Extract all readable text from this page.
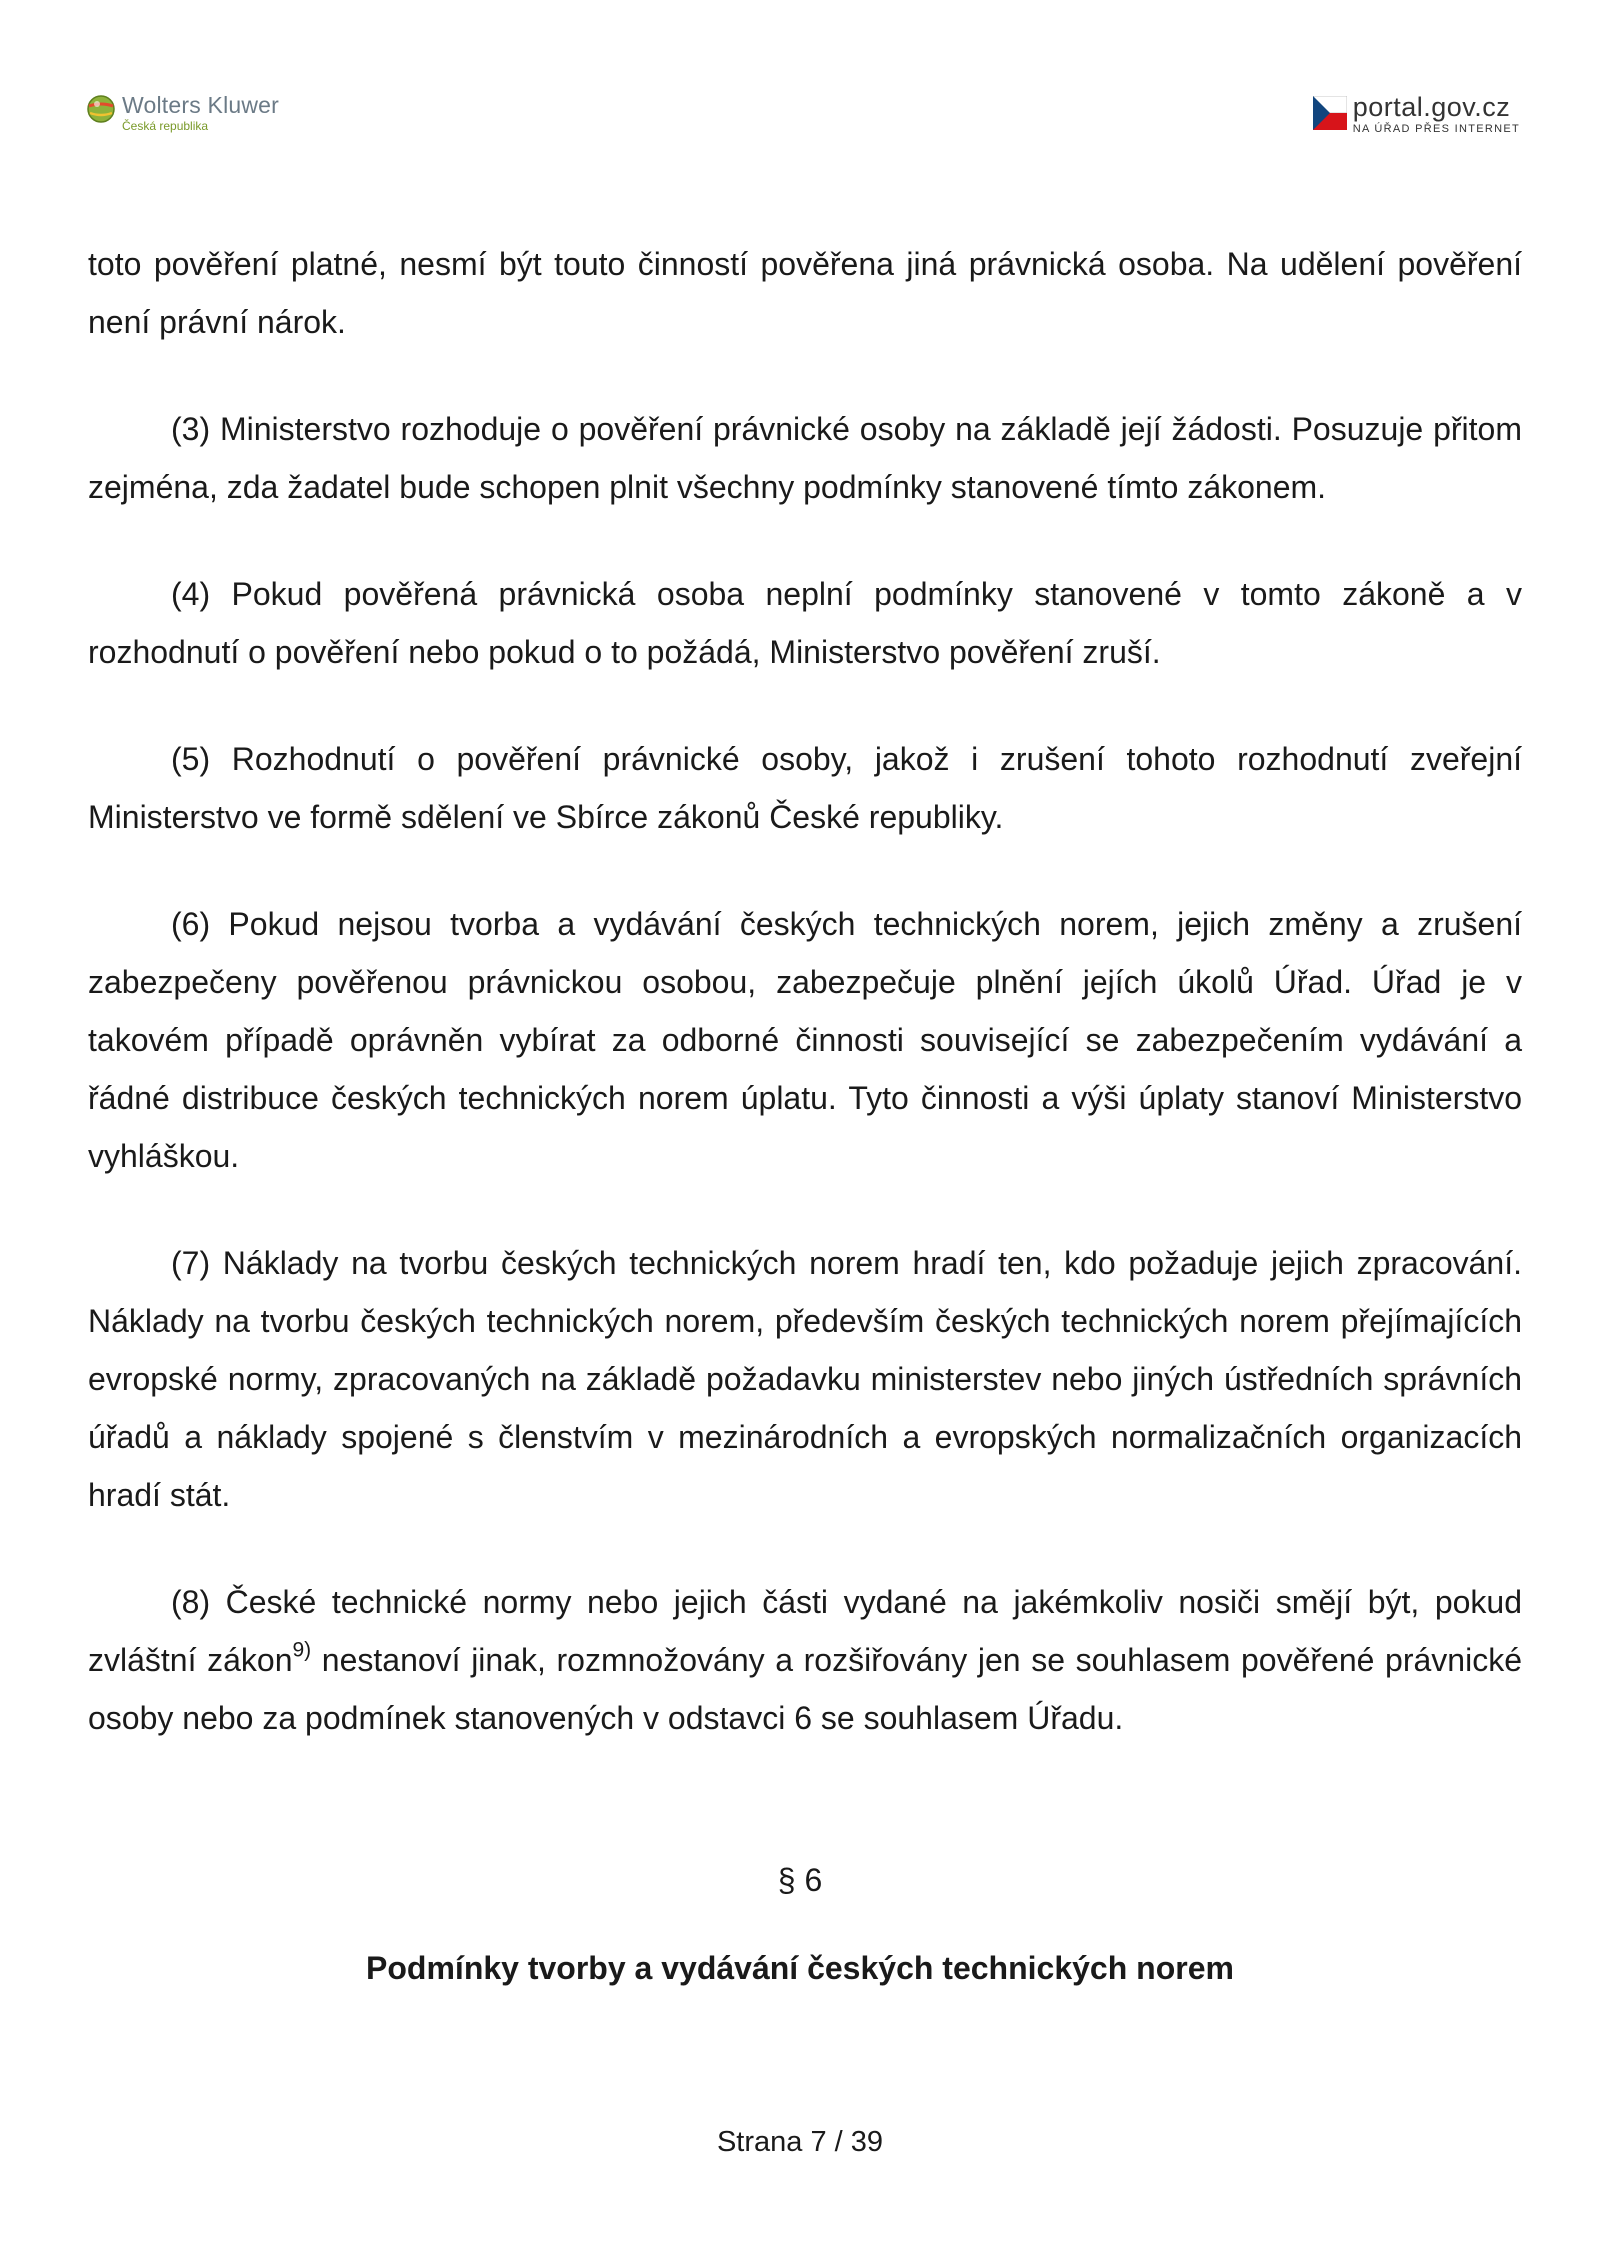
Wolters Kluwer
Česká republika
portal.gov.cz
NA ÚŘAD PŘES INTERNET

toto pověření platné, nesmí být touto činností pověřena jiná právnická osoba. Na udělení pověření není právní nárok.

(3) Ministerstvo rozhoduje o pověření právnické osoby na základě její žádosti. Posuzuje přitom zejména, zda žadatel bude schopen plnit všechny podmínky stanovené tímto zákonem.

(4) Pokud pověřená právnická osoba neplní podmínky stanovené v tomto zákoně a v rozhodnutí o pověření nebo pokud o to požádá, Ministerstvo pověření zruší.

(5) Rozhodnutí o pověření právnické osoby, jakož i zrušení tohoto rozhodnutí zveřejní Ministerstvo ve formě sdělení ve Sbírce zákonů České republiky.

(6) Pokud nejsou tvorba a vydávání českých technických norem, jejich změny a zrušení zabezpečeny pověřenou právnickou osobou, zabezpečuje plnění jejích úkolů Úřad. Úřad je v takovém případě oprávněn vybírat za odborné činnosti související se zabezpečením vydávání a řádné distribuce českých technických norem úplatu. Tyto činnosti a výši úplaty stanoví Ministerstvo vyhláškou.

(7) Náklady na tvorbu českých technických norem hradí ten, kdo požaduje jejich zpracování. Náklady na tvorbu českých technických norem, především českých technických norem přejímajících evropské normy, zpracovaných na základě požadavku ministerstev nebo jiných ústředních správních úřadů a náklady spojené s členstvím v mezinárodních a evropských normalizačních organizacích hradí stát.

(8) České technické normy nebo jejich části vydané na jakémkoliv nosiči smějí být, pokud zvláštní zákon$^{9)}$ nestanoví jinak, rozmnožovány a rozšiřovány jen se souhlasem pověřené právnické osoby nebo za podmínek stanovených v odstavci 6 se souhlasem Úřadu.

§ 6
Podmínky tvorby a vydávání českých technických norem
Strana 7 / 39
